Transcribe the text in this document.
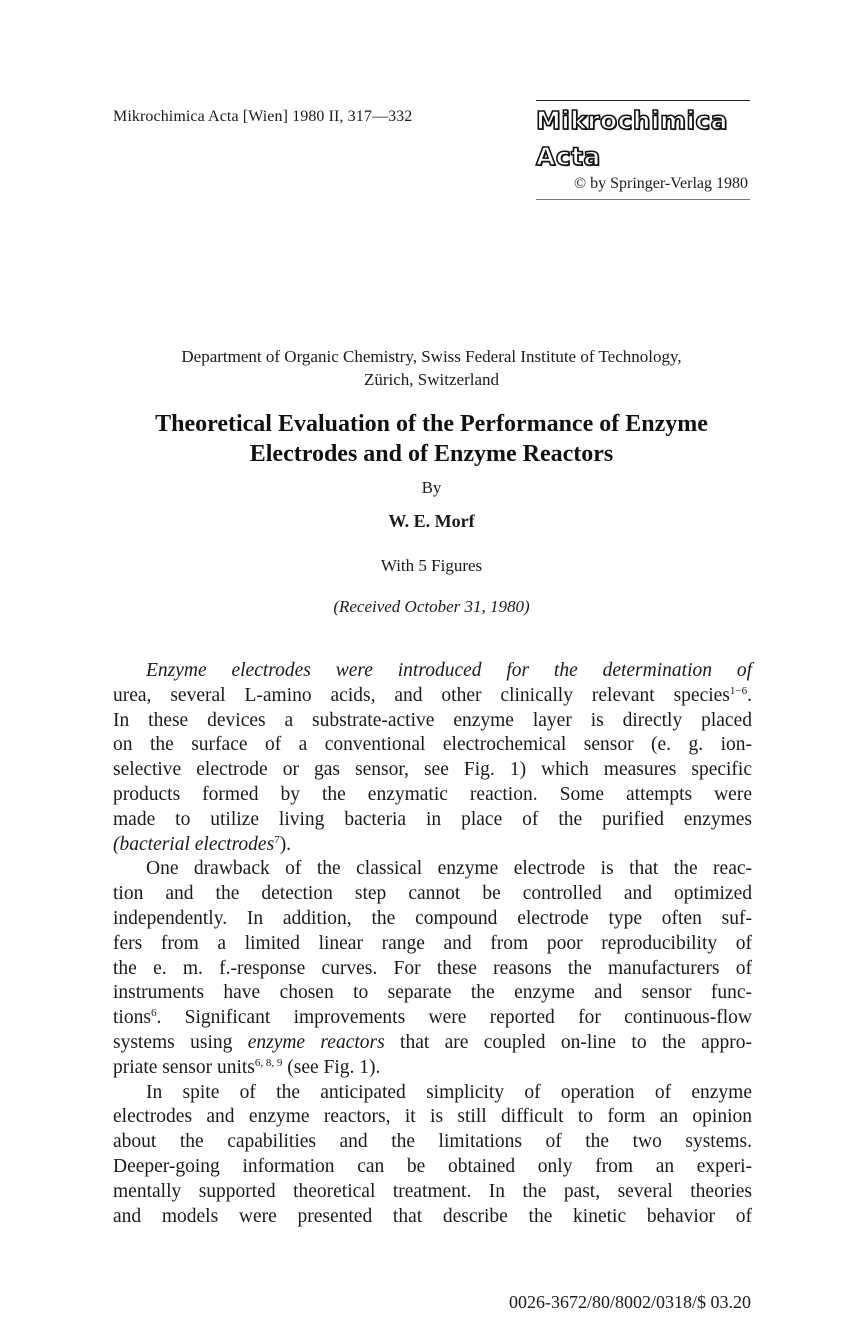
Mikrochimica Acta [Wien] 1980 II, 317—332	Mikrochimica Acta
© by Springer-Verlag 1980
Department of Organic Chemistry, Swiss Federal Institute of Technology,
Zürich, Switzerland
Theoretical Evaluation of the Performance of Enzyme
Electrodes and of Enzyme Reactors
By
W. E. Morf
With 5 Figures
(Received October 31, 1980)
Enzyme electrodes were introduced for the determination of
urea, several L-amino acids, and other clinically relevant species$^{1-6}$.
In these devices a substrate-active enzyme layer is directly placed
on the surface of a conventional electrochemical sensor (e. g. ion-
selective electrode or gas sensor, see Fig. 1) which measures specific
products formed by the enzymatic reaction. Some attempts were
made to utilize living bacteria in place of the purified enzymes
(bacterial electrodes$^7$).
One drawback of the classical enzyme electrode is that the reac-
tion and the detection step cannot be controlled and optimized
independently. In addition, the compound electrode type often suf-
fers from a limited linear range and from poor reproducibility of
the e. m. f.-response curves. For these reasons the manufacturers of
instruments have chosen to separate the enzyme and sensor func-
tions$^6$. Significant improvements were reported for continuous-flow
systems using enzyme reactors that are coupled on-line to the appro-
priate sensor units$^{6, 8, 9}$ (see Fig. 1).
In spite of the anticipated simplicity of operation of enzyme
electrodes and enzyme reactors, it is still difficult to form an opinion
about the capabilities and the limitations of the two systems.
Deeper-going information can be obtained only from an experi-
mentally supported theoretical treatment. In the past, several theories
and models were presented that describe the kinetic behavior of
0026-3672/80/8002/0318/$ 03.20
